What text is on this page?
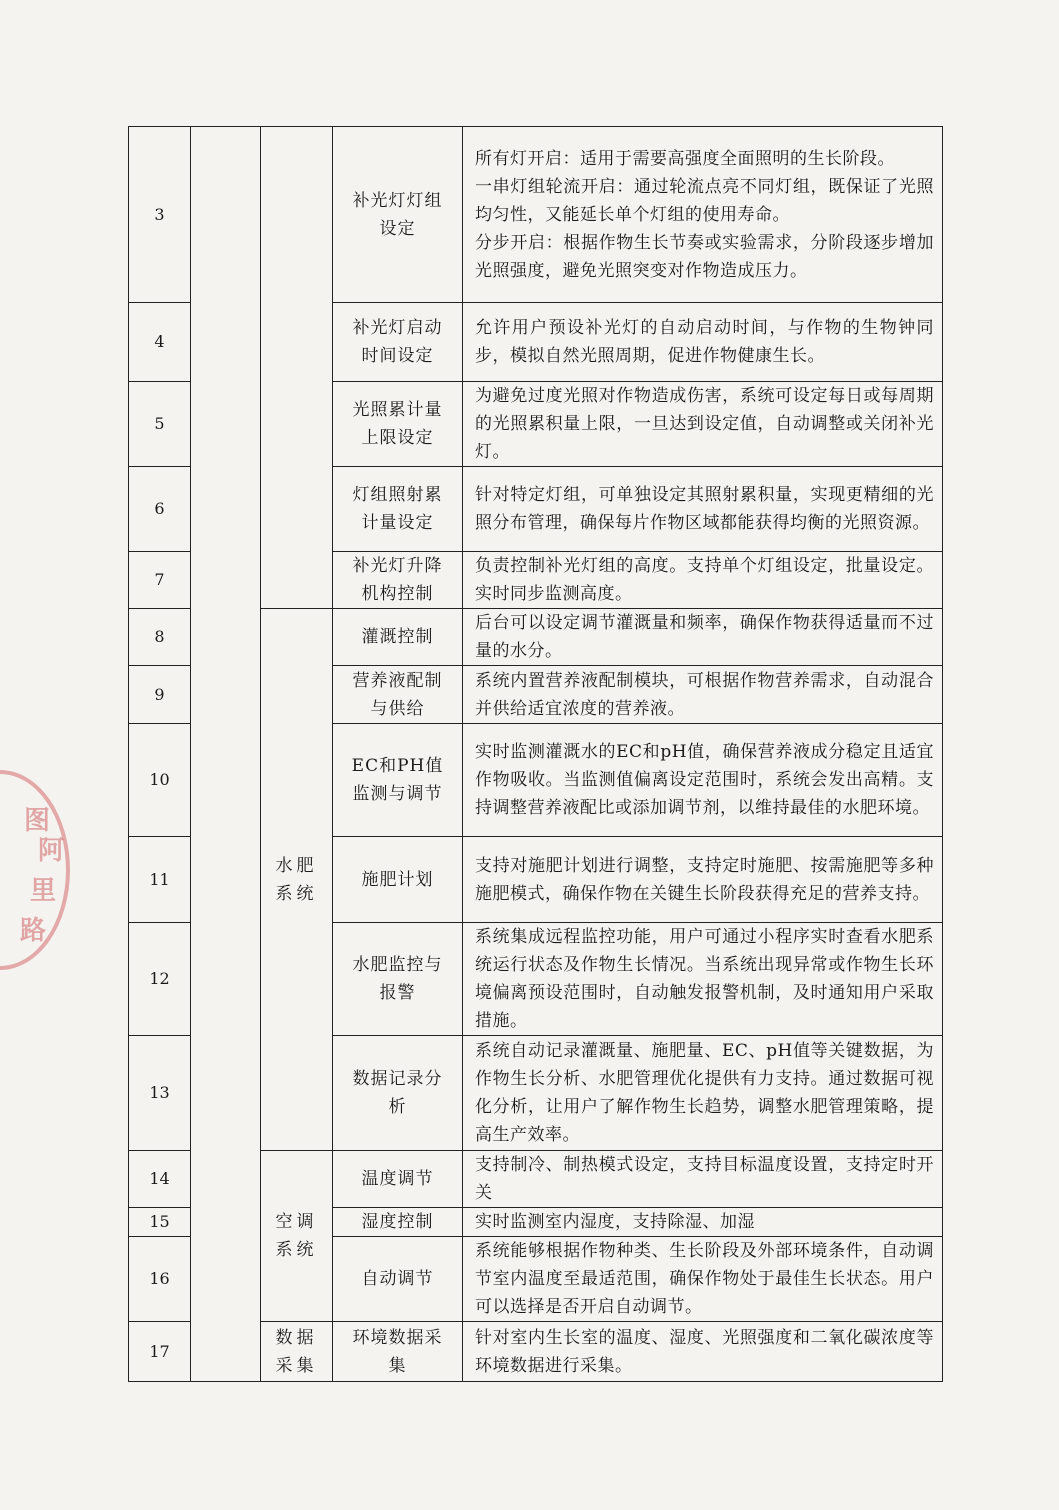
图
阿
里
路
3			补光灯灯组设定	所有灯开启：适用于需要高强度全面照明的生长阶段。
一串灯组轮流开启：通过轮流点亮不同灯组，既保证了光照均匀性，又能延长单个灯组的使用寿命。
分步开启：根据作物生长节奏或实验需求，分阶段逐步增加光照强度，避免光照突变对作物造成压力。

4			补光灯启动时间设定	允许用户预设补光灯的自动启动时间，与作物的生物钟同步，模拟自然光照周期，促进作物健康生长。

5			光照累计量上限设定	为避免过度光照对作物造成伤害，系统可设定每日或每周期的光照累积量上限，一旦达到设定值，自动调整或关闭补光灯。

6			灯组照射累计量设定	针对特定灯组，可单独设定其照射累积量，实现更精细的光照分布管理，确保每片作物区域都能获得均衡的光照资源。

7			补光灯升降机构控制	负责控制补光灯组的高度。支持单个灯组设定，批量设定。实时同步监测高度。

8		水肥系统	灌溉控制	后台可以设定调节灌溉量和频率，确保作物获得适量而不过量的水分。

9			营养液配制与供给	系统内置营养液配制模块，可根据作物营养需求，自动混合并供给适宜浓度的营养液。

10			EC和PH值监测与调节	实时监测灌溉水的EC和pH值，确保营养液成分稳定且适宜作物吸收。当监测值偏离设定范围时，系统会发出高精。支持调整营养液配比或添加调节剂，以维持最佳的水肥环境。

11			施肥计划	支持对施肥计划进行调整，支持定时施肥、按需施肥等多种施肥模式，确保作物在关键生长阶段获得充足的营养支持。

12			水肥监控与报警	系统集成远程监控功能，用户可通过小程序实时查看水肥系统运行状态及作物生长情况。当系统出现异常或作物生长环境偏离预设范围时，自动触发报警机制，及时通知用户采取措施。

13			数据记录分析	系统自动记录灌溉量、施肥量、EC、pH值等关键数据，为作物生长分析、水肥管理优化提供有力支持。通过数据可视化分析，让用户了解作物生长趋势，调整水肥管理策略，提高生产效率。

14		空调系统	温度调节	支持制冷、制热模式设定，支持目标温度设置，支持定时开关

15			湿度控制	实时监测室内湿度，支持除湿、加湿

16			自动调节	系统能够根据作物种类、生长阶段及外部环境条件，自动调节室内温度至最适范围，确保作物处于最佳生长状态。用户可以选择是否开启自动调节。

17		数据采集	环境数据采集	针对室内生长室的温度、湿度、光照强度和二氧化碳浓度等环境数据进行采集。
